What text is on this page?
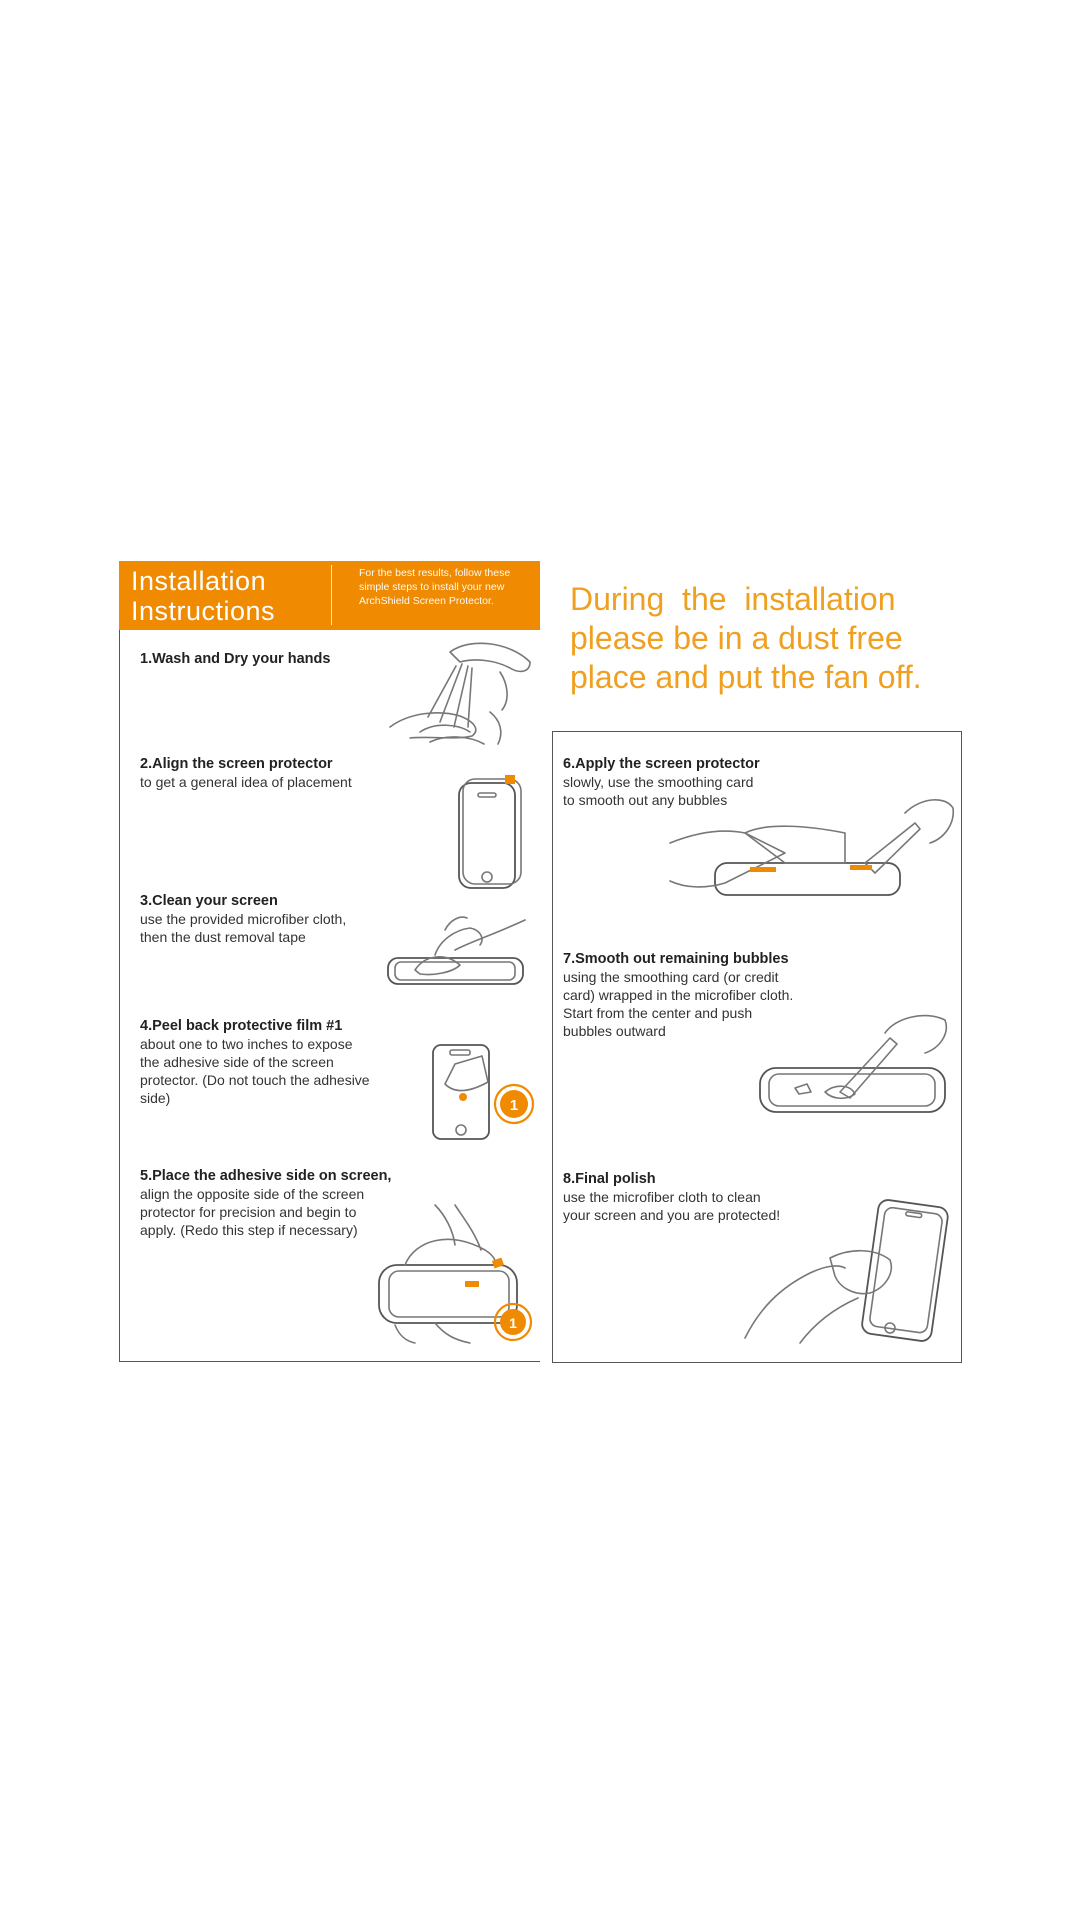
Installation
Instructions
For the best results, follow these simple steps to install your new ArchShield Screen Protector.	During  the  installation
please be in a dust free
place and put the fan off.
1.Wash and Dry your hands
2.Align the screen protector
to get a general idea of placement
3.Clean your screen
use the provided microfiber cloth,
then the dust removal tape
4.Peel back protective film #1
about one to two inches to expose
the adhesive side of the screen
protector. (Do not touch the adhesive
side)	1
5.Place the adhesive side on screen,
align the opposite side of the screen
protector for precision and begin to
apply. (Redo this step if necessary)
1
6.Apply the screen protector
slowly, use the smoothing card
to smooth out any bubbles
7.Smooth out remaining bubbles
using the smoothing card (or credit
card) wrapped in the microfiber cloth.
Start from the center and push
bubbles outward
8.Final polish
use the microfiber cloth to clean
your screen and you are protected!
